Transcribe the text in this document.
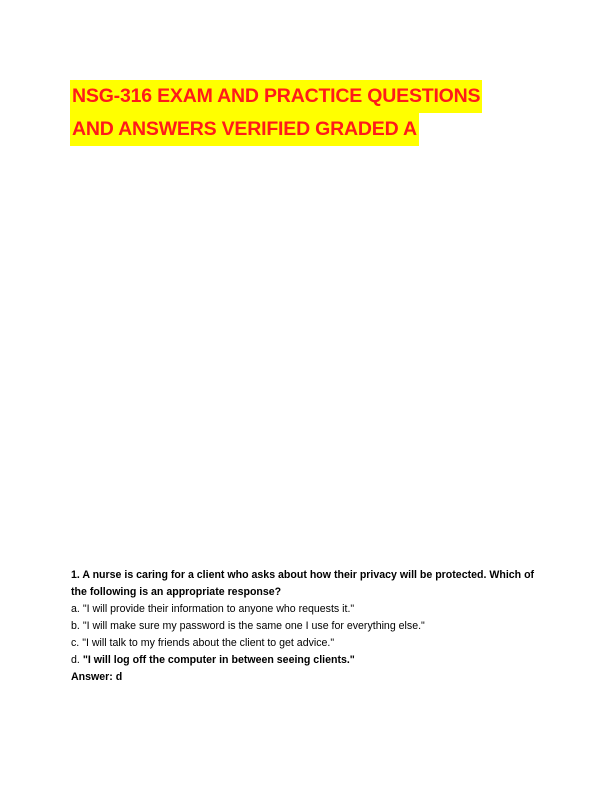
NSG-316 EXAM AND PRACTICE QUESTIONS
AND ANSWERS VERIFIED GRADED A

1. A nurse is caring for a client who asks about how their privacy will be protected. Which of the following is an appropriate response?

a. "I will provide their information to anyone who requests it."
b. "I will make sure my password is the same one I use for everything else."
c. "I will talk to my friends about the client to get advice."
d. "I will log off the computer in between seeing clients."

Answer: d
